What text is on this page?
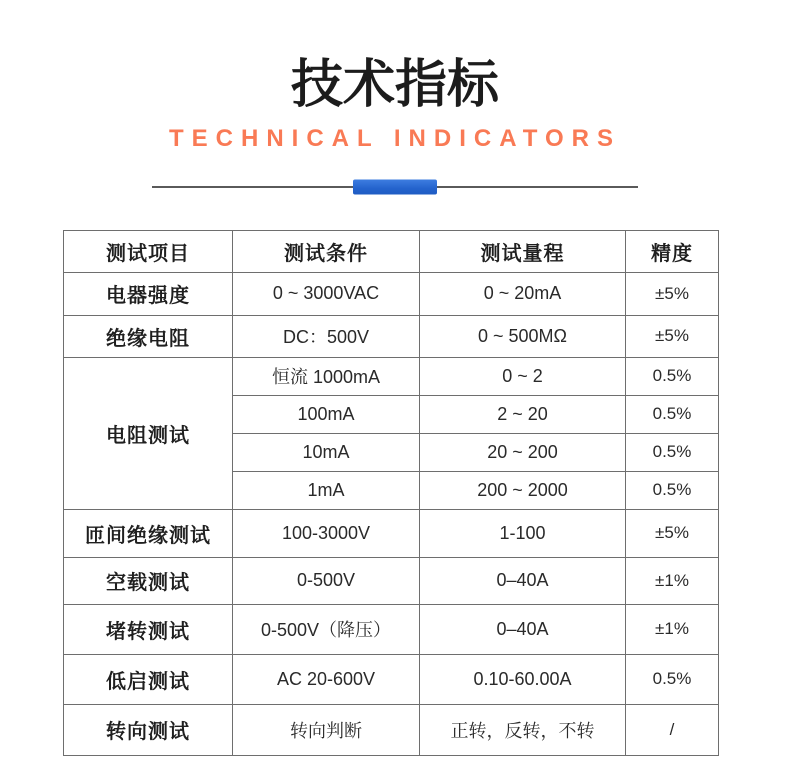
技术指标
TECHNICAL INDICATORS
测试项目	测试条件	测试量程	精度
电器强度	0 ~ 3000VAC	0 ~ 20mA	±5%
绝缘电阻	DC：500V	0 ~ 500MΩ	±5%
电阻测试	恒流 1000mA	0 ~ 2	0.5%
	100mA	2 ~ 20	0.5%
	10mA	20 ~ 200	0.5%
	1mA	200 ~ 2000	0.5%
匝间绝缘测试	100-3000V	1-100	±5%
空载测试	0-500V	0–40A	±1%
堵转测试	0-500V（降压）	0–40A	±1%
低启测试	AC 20-600V	0.10-60.00A	0.5%
转向测试	转向判断	正转，反转，不转	/
